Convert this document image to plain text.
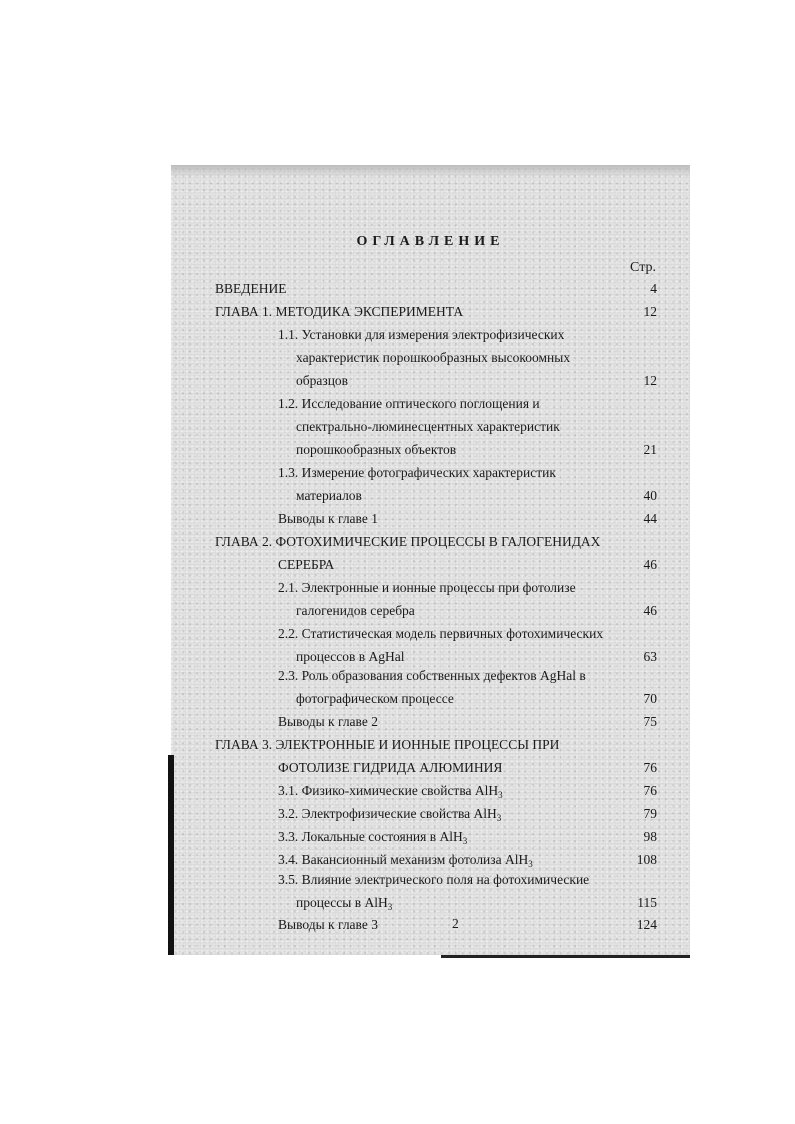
ОГЛАВЛЕНИЕ
Стр.
ВВЕДЕНИЕ	4
ГЛАВА 1. МЕТОДИКА ЭКСПЕРИМЕНТА	12
1.1. Установки для измерения электрофизических
характеристик порошкообразных высокоомных
образцов	12
1.2. Исследование оптического поглощения и
спектрально-люминесцентных характеристик
порошкообразных объектов	21
1.3. Измерение фотографических характеристик
материалов	40
Выводы к главе 1	44
ГЛАВА 2. ФОТОХИМИЧЕСКИЕ ПРОЦЕССЫ В ГАЛОГЕНИДАХ
СЕРЕБРА	46
2.1. Электронные и ионные процессы при фотолизе
галогенидов серебра	46
2.2. Статистическая модель первичных фотохимических
процессов в AgHal	63
2.3. Роль образования собственных дефектов AgHal в
фотографическом процессе	70
Выводы к главе 2	75
ГЛАВА 3. ЭЛЕКТРОННЫЕ И ИОННЫЕ ПРОЦЕССЫ ПРИ
ФОТОЛИЗЕ ГИДРИДА АЛЮМИНИЯ	76
3.1. Физико-химические свойства AlH$_3$	76
3.2. Электрофизические свойства AlH$_3$	79
3.3. Локальные состояния в AlH$_3$	98
3.4. Вакансионный механизм фотолиза AlH$_3$	108
3.5. Влияние электрического поля на фотохимические
процессы в AlH$_3$	115
Выводы к главе 3	124
2
